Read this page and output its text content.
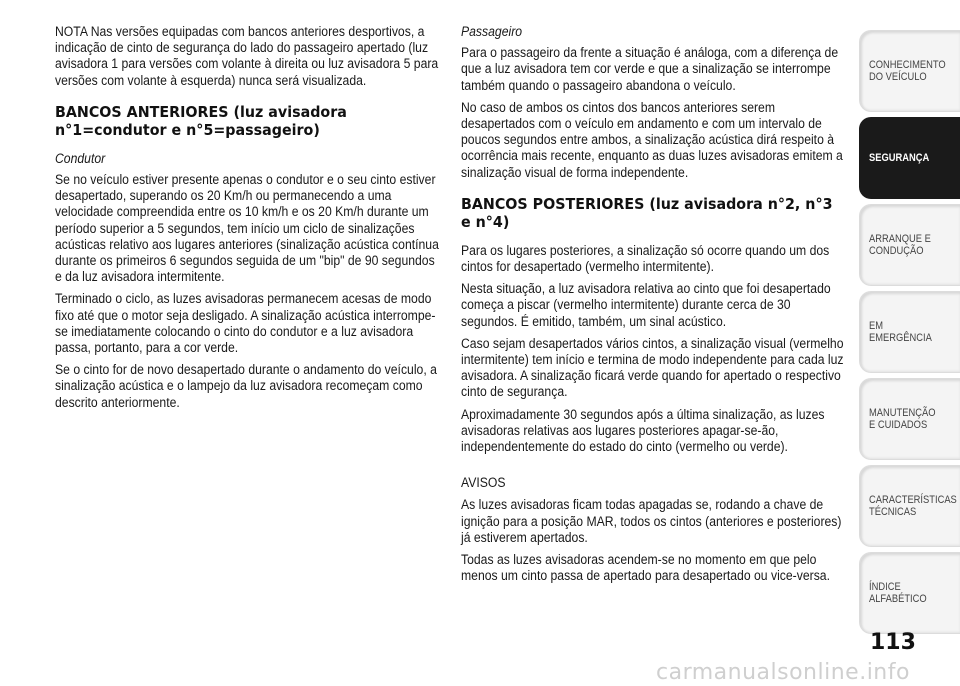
NOTA Nas versões equipadas com bancos anteriores desportivos, a indicação de cinto de segurança do lado do passageiro apertado (luz avisadora 1 para versões com volante à direita ou luz avisadora 5 para versões com volante à esquerda) nunca será visualizada.

BANCOS ANTERIORES (luz avisadora n°1=condutor e n°5=passageiro)

Condutor

Se no veículo estiver presente apenas o condutor e o seu cinto estiver desapertado, superando os 20 Km/h ou permanecendo a uma velocidade compreendida entre os 10 km/h e os 20 Km/h durante um período superior a 5 segundos, tem início um ciclo de sinalizações acústicas relativo aos lugares anteriores (sinalização acústica contínua durante os primeiros 6 segundos seguida de um "bip" de 90 segundos e da luz avisadora intermitente.

Terminado o ciclo, as luzes avisadoras permanecem acesas de modo fixo até que o motor seja desligado. A sinalização acústica interrompe-se imediatamente colocando o cinto do condutor e a luz avisadora passa, portanto, para a cor verde.

Se o cinto for de novo desapertado durante o andamento do veículo, a sinalização acústica e o lampejo da luz avisadora recomeçam como descrito anteriormente.

Passageiro

Para o passageiro da frente a situação é análoga, com a diferença de que a luz avisadora tem cor verde e que a sinalização se interrompe também quando o passageiro abandona o veículo.

No caso de ambos os cintos dos bancos anteriores serem desapertados com o veículo em andamento e com um intervalo de poucos segundos entre ambos, a sinalização acústica dirá respeito à ocorrência mais recente, enquanto as duas luzes avisadoras emitem a sinalização visual de forma independente.

BANCOS POSTERIORES (luz avisadora n°2, n°3 e n°4)

Para os lugares posteriores, a sinalização só ocorre quando um dos cintos for desapertado (vermelho intermitente).

Nesta situação, a luz avisadora relativa ao cinto que foi desapertado começa a piscar (vermelho intermitente) durante cerca de 30 segundos. É emitido, também, um sinal acústico.

Caso sejam desapertados vários cintos, a sinalização visual (vermelho intermitente) tem início e termina de modo independente para cada luz avisadora. A sinalização ficará verde quando for apertado o respectivo cinto de segurança.

Aproximadamente 30 segundos após a última sinalização, as luzes avisadoras relativas aos lugares posteriores apagar-se-ão, independentemente do estado do cinto (vermelho ou verde).

AVISOS

As luzes avisadoras ficam todas apagadas se, rodando a chave de ignição para a posição MAR, todos os cintos (anteriores e posteriores) já estiverem apertados.

Todas as luzes avisadoras acendem-se no momento em que pelo menos um cinto passa de apertado para desapertado ou vice-versa.

CONHECIMENTO DO VEÍCULO
SEGURANÇA
ARRANQUE E CONDUÇÃO
EM EMERGÊNCIA
MANUTENÇÃO E CUIDADOS
CARACTERÍSTICAS TÉCNICAS
ÍNDICE ALFABÉTICO
113
carmanualsonline.info
